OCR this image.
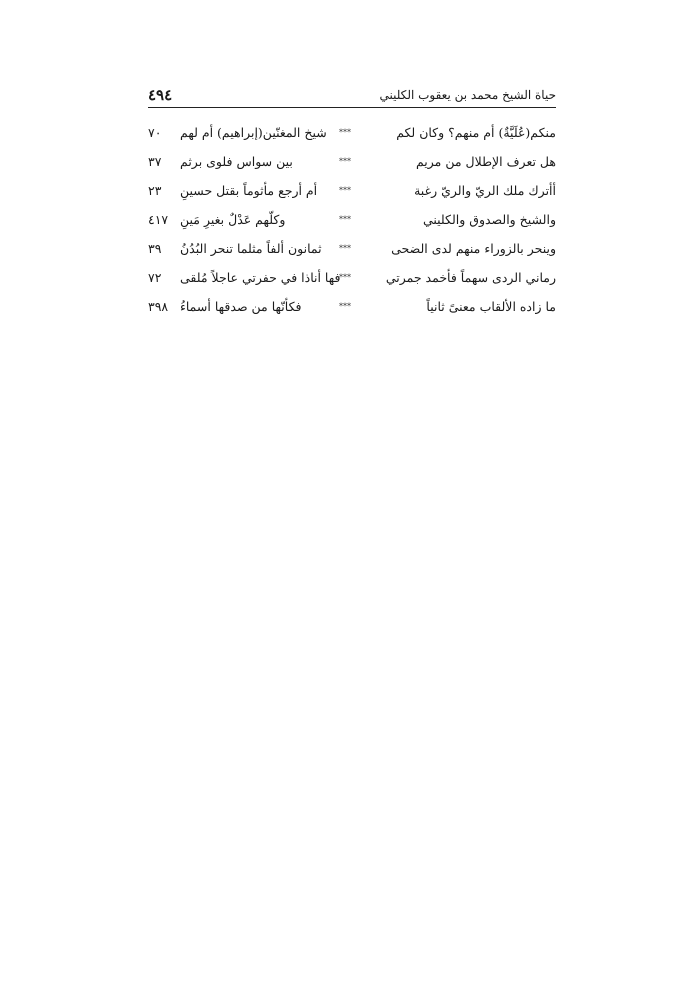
٤٩٤	حياة الشيخ محمد بن يعقوب الكليني
منكم(عُلَيَّةٌ) أم منهم؟ وكان لكم
***
٧٠ شيخ المغنّين(إبراهيم) أم لهم
هل تعرف الإطلال من مريم
***
٣٧ بين سواس فلوى برثم
أأترك ملك الريّ والريّ رغبة
***
٢٣ أم أرجع مأثوماً بقتل حسينِ
والشيخ والصدوق والكليني
***
٤١٧ وكلّهم عَدْلٌ بغيرِ مَينِ
وينحر بالزوراء منهم لدى الضحى
***
٣٩ ثمانون ألفاً مثلما تنحر البُدُنُ
رماني الردى سهماً فأخمد جمرتي
***
٧٢ فها أناذا في حفرتي عاجلاً مُلقى
ما زاده الألقاب معنىً ثانياً
***
٣٩٨ فكأنّها من صدقها أسماءُ
